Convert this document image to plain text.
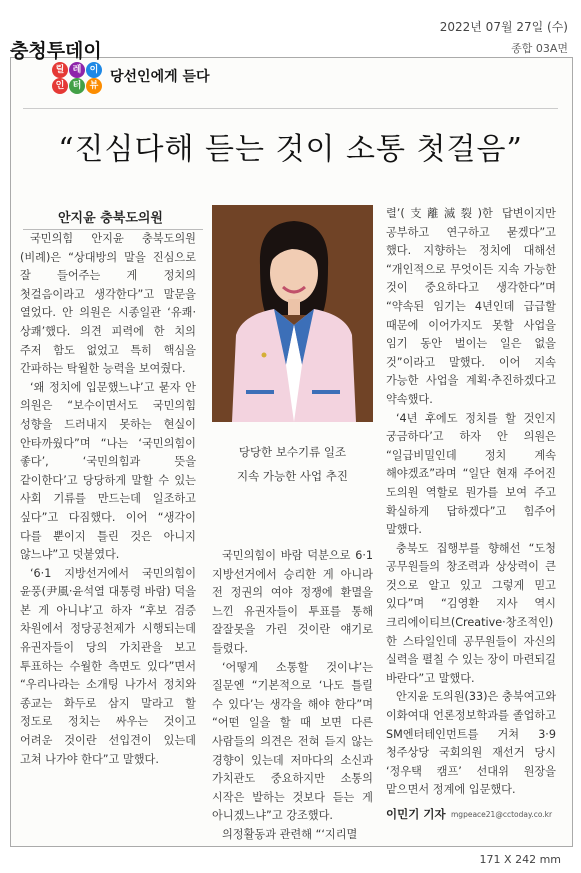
충청투데이
2022년 07월 27일 (수)
종합 03A면
릴 레 이
인 터 뷰
당선인에게 듣다
“진심다해 듣는 것이 소통 첫걸음”
안지윤 충북도의원

국민의힘 안지윤 충북도의원(비례)은 “상대방의 말을 진심으로 잘 들어주는 게 정치의 첫걸음이라고 생각한다”고 말문을 열었다. 안 의원은 시종일관 ‘유쾌·상쾌’했다. 의견 피력에 한 치의 주저 함도 없었고 특히 핵심을 간파하는 탁월한 능력을 보여줬다.

‘왜 정치에 입문했느냐’고 묻자 안 의원은 “보수이면서도 국민의힘 성향을 드러내지 못하는 현실이 안타까웠다”며 “나는 ‘국민의힘이 좋다’, ‘국민의힘과 뜻을 같이한다’고 당당하게 말할 수 있는 사회 기류를 만드는데 일조하고 싶다”고 다짐했다. 이어 “생각이 다를 뿐이지 틀린 것은 아니지 않느냐”고 덧붙였다.

‘6·1 지방선거에서 국민의힘이 윤풍(尹風·윤석열 대통령 바람) 덕을 본 게 아니냐’고 하자 “후보 검증 차원에서 정당공천제가 시행되는데 유권자들이 당의 가치관을 보고 투표하는 수월한 측면도 있다”면서 “우리나라는 소개팅 나가서 정치와 종교는 화두로 삼지 말라고 할 정도로 정치는 싸우는 것이고 어려운 것이란 선입견이 있는데 고쳐 나가야 한다”고 말했다.

당당한 보수기류 일조
지속 가능한 사업 추진

국민의힘이 바람 덕분으로 6·1 지방선거에서 승리한 게 아니라 전 정권의 여야 정쟁에 환멸을 느낀 유권자들이 투표를 통해 잘잘못을 가린 것이란 얘기로 들렸다.

‘어떻게 소통할 것이냐’는 질문엔 “기본적으로 ‘나도 틀릴 수 있다’는 생각을 해야 한다”며 “어떤 일을 할 때 보면 다른 사람들의 의견은 전혀 듣지 않는 경향이 있는데 저마다의 소신과 가치관도 중요하지만 소통의 시작은 발하는 것보다 듣는 게 아니겠느냐”고 강조했다.

의정활동과 관련해 “‘지리멸

렬’(支離滅裂)한 답변이지만 공부하고 연구하고 묻겠다”고 했다. 지향하는 정치에 대해선 “개인적으로 무엇이든 지속 가능한 것이 중요하다고 생각한다”며 “약속된 임기는 4년인데 급급할 때문에 이어가지도 못할 사업을 임기 동안 벌이는 일은 없을 것”이라고 말했다. 이어 지속 가능한 사업을 계획·추진하겠다고 약속했다.

‘4년 후에도 정치를 할 것인지 궁금하다’고 하자 안 의원은 “일급비밀인데 정치 계속 해야겠죠”라며 “일단 현재 주어진 도의원 역할로 뭔가를 보여 주고 확실하게 답하겠다”고 힘주어 말했다.

충북도 집행부를 향해선 “도청 공무원들의 창조력과 상상력이 큰 것으로 알고 있고 그렇게 믿고 있다”며 “김영환 지사 역시 크리에이티브(Creative·창조적인)한 스타일인데 공무원들이 자신의 실력을 펼칠 수 있는 장이 마련되길 바란다”고 말했다.

안지윤 도의원(33)은 충북여고와 이화여대 언론정보학과를 졸업하고 SM엔터테인먼트를 거쳐 3·9 청주상당 국회의원 재선거 당시 ‘정우택 캠프’ 선대위 원장을 맡으면서 정계에 입문했다.

이민기 기자 mgpeace21@cctoday.co.kr
171 X 242 mm
